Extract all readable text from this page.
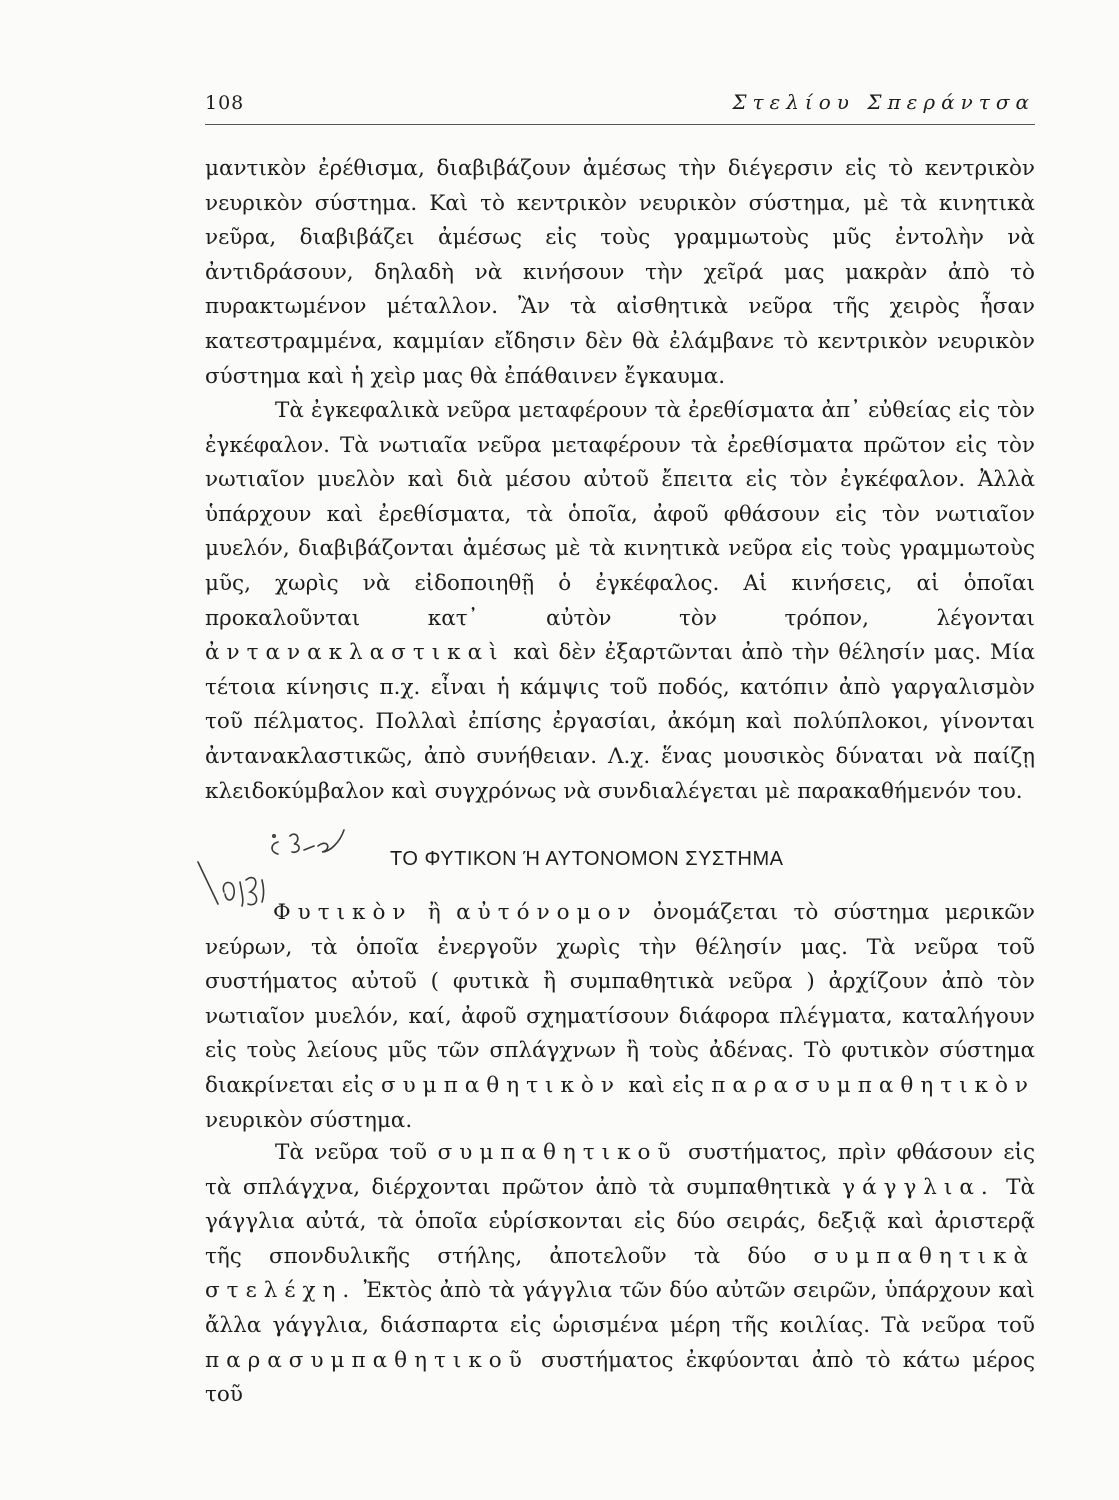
108	Στελίου Σπεράντσα

μαντικὸν ἐρέθισμα, διαβιβάζουν ἀμέσως τὴν διέγερσιν εἰς τὸ κεντρικὸν νευρικὸν σύστημα. Καὶ τὸ κεντρικὸν νευρικὸν σύστημα, μὲ τὰ κινητικὰ νεῦρα, διαβιβάζει ἀμέσως εἰς τοὺς γραμμωτοὺς μῦς ἐντολὴν νὰ ἀντιδράσουν, δηλαδὴ νὰ κινήσουν τὴν χεῖρά μας μακρὰν ἀπὸ τὸ πυρακτωμένον μέταλλον. Ἂν τὰ αἰσθητικὰ νεῦρα τῆς χειρὸς ἦσαν κατεστραμμένα, καμμίαν εἴδησιν δὲν θὰ ἐλάμβανε τὸ κεντρικὸν νευρικὸν σύστημα καὶ ἡ χεὶρ μας θὰ ἐπάθαινεν ἔγκαυμα.

Τὰ ἐγκεφαλικὰ νεῦρα μεταφέρουν τὰ ἐρεθίσματα ἀπ᾽ εὐθείας εἰς τὸν ἐγκέφαλον. Τὰ νωτιαῖα νεῦρα μεταφέρουν τὰ ἐρεθίσματα πρῶτον εἰς τὸν νωτιαῖον μυελὸν καὶ διὰ μέσου αὐτοῦ ἔπειτα εἰς τὸν ἐγκέφαλον. Ἀλλὰ ὑπάρχουν καὶ ἐρεθίσματα, τὰ ὁποῖα, ἀφοῦ φθάσουν εἰς τὸν νωτιαῖον μυελόν, διαβιβάζονται ἀμέσως μὲ τὰ κινητικὰ νεῦρα εἰς τοὺς γραμμωτοὺς μῦς, χωρὶς νὰ εἰδοποιηθῇ ὁ ἐγκέφαλος. Αἱ κινήσεις, αἱ ὁποῖαι προκαλοῦνται κατ᾽ αὐτὸν τὸν τρόπον, λέγονται ἀντανακλαστικαὶ καὶ δὲν ἐξαρτῶνται ἀπὸ τὴν θέλησίν μας. Μία τέτοια κίνησις π.χ. εἶναι ἡ κάμψις τοῦ ποδός, κατόπιν ἀπὸ γαργαλισμὸν τοῦ πέλματος. Πολλαὶ ἐπίσης ἐργασίαι, ἀκόμη καὶ πολύπλοκοι, γίνονται ἀντανακλαστικῶς, ἀπὸ συνήθειαν. Λ.χ. ἕνας μουσικὸς δύναται νὰ παίζῃ κλειδοκύμβαλον καὶ συγχρόνως νὰ συνδιαλέγεται μὲ παρακαθήμενόν του.

ΤΟ ΦΥΤΙΚΟΝ Ή ΑΥΤΟΝΟΜΟΝ ΣΥΣΤΗΜΑ

Φυτικὸν ἢ αὐτόνομον ὀνομάζεται τὸ σύστημα μερικῶν νεύρων, τὰ ὁποῖα ἐνεργοῦν χωρὶς τὴν θέλησίν μας. Τὰ νεῦρα τοῦ συστήματος αὐτοῦ ( φυτικὰ ἢ συμπαθητικὰ νεῦρα ) ἀρχίζουν ἀπὸ τὸν νωτιαῖον μυελόν, καί, ἀφοῦ σχηματίσουν διάφορα πλέγματα, καταλήγουν εἰς τοὺς λείους μῦς τῶν σπλάγχνων ἢ τοὺς ἀδένας. Τὸ φυτικὸν σύστημα διακρίνεται εἰς συμπαθητικὸν καὶ εἰς παρασυμπαθητικὸν νευρικὸν σύστημα.

Τὰ νεῦρα τοῦ συμπαθητικοῦ συστήματος, πρὶν φθάσουν εἰς τὰ σπλάγχνα, διέρχονται πρῶτον ἀπὸ τὰ συμπαθητικὰ γάγγλια. Τὰ γάγγλια αὐτά, τὰ ὁποῖα εὑρίσκονται εἰς δύο σειράς, δεξιᾷ καὶ ἀριστερᾷ τῆς σπονδυλικῆς στήλης, ἀποτελοῦν τὰ δύο συμπαθητικὰ στελέχη. Ἐκτὸς ἀπὸ τὰ γάγγλια τῶν δύο αὐτῶν σειρῶν, ὑπάρχουν καὶ ἄλλα γάγγλια, διάσπαρτα εἰς ὡρισμένα μέρη τῆς κοιλίας. Τὰ νεῦρα τοῦ παρασυμπαθητικοῦ συστήματος ἐκφύονται ἀπὸ τὸ κάτω μέρος τοῦ
